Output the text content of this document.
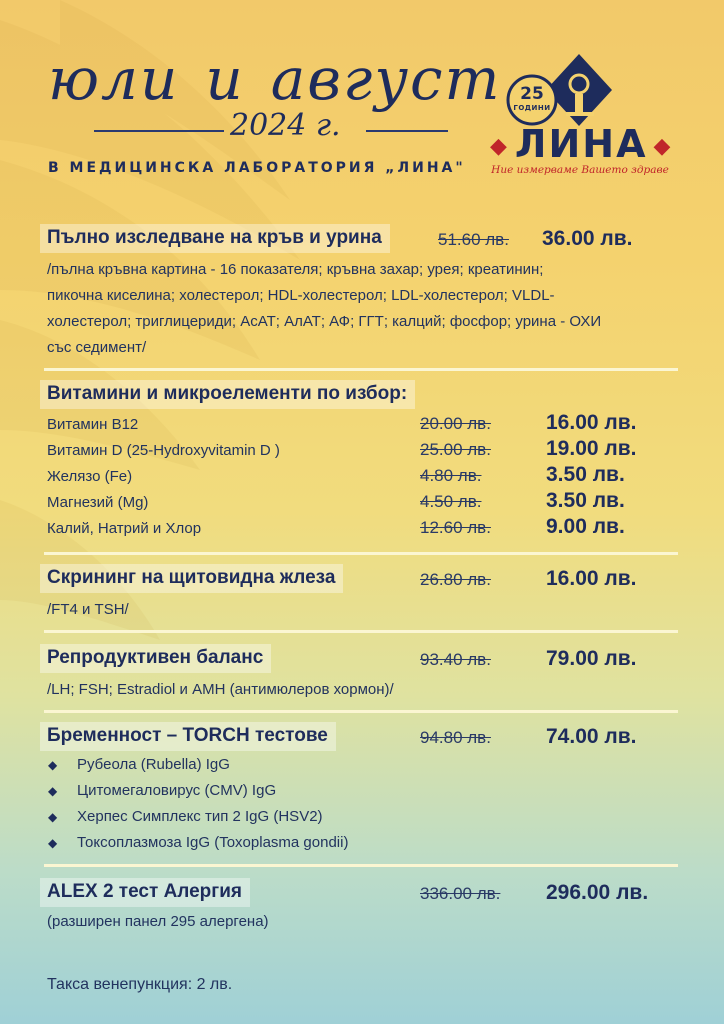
юли и август
2024 г.
В МЕДИЦИНСКА ЛАБОРАТОРИЯ „ЛИНА"
25
ГОДИНИ
◆ ЛИНА ◆
Ние измерваме Вашето здраве
Пълно изследване на кръв и урина	51.60 лв. 36.00 лв.
/пълна кръвна картина - 16 показателя; кръвна захар; урея; креатинин;
пикочна киселина; холестерол; HDL-холестерол; LDL-холестерол; VLDL-
холестерол; триглицериди; АсАТ; АлАТ; АФ; ГГТ; калций; фосфор; урина - ОХИ
със седимент/
Витамини и микроелементи по избор:
Витамин B12	20.00 лв.	16.00 лв.
Витамин D (25-Hydroxyvitamin D )	25.00 лв.	19.00 лв.
Желязо (Fe)	4.80 лв.	3.50 лв.
Магнезий (Mg)	4.50 лв.	3.50 лв.
Калий, Натрий и Хлор	12.60 лв.	9.00 лв.
Скрининг на щитовидна жлеза	26.80 лв.	16.00 лв.
/FT4 и TSH/
Репродуктивен баланс	93.40 лв.	79.00 лв.
/LH; FSH; Estradiol и AMH (антимюлеров хормон)/
Бременност – TORCH тестове	94.80 лв.	74.00 лв.
◆ Рубеола (Rubella) IgG
◆ Цитомегаловирус (CMV) IgG
◆ Херпес Симплекс тип 2 IgG (HSV2)
◆ Токсоплазмоза IgG (Toxoplasma gondii)
ALEX 2 тест Алергия	336.00 лв. 296.00 лв.
(разширен панел 295 алергена)
Такса венепункция: 2 лв.
